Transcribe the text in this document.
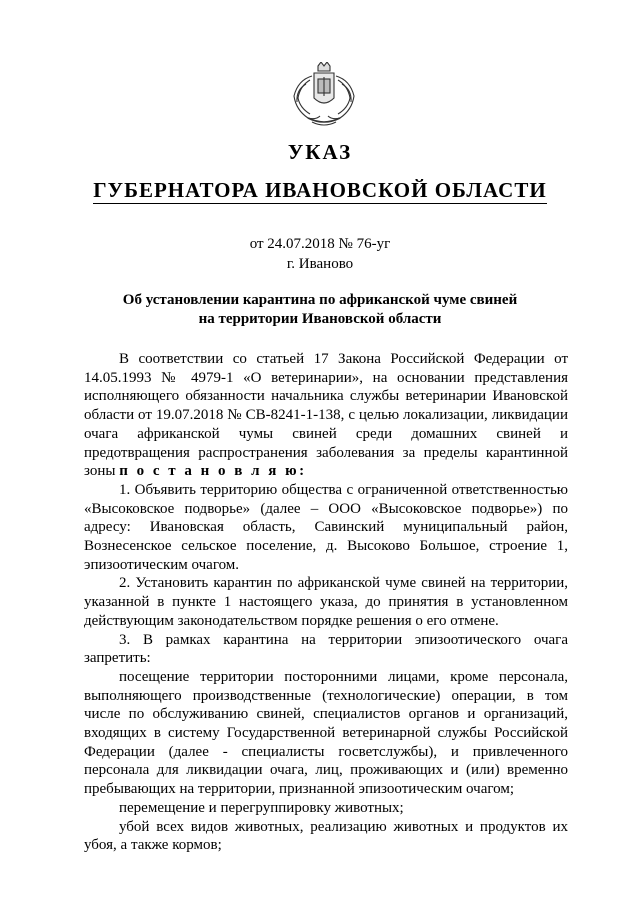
УКАЗ
ГУБЕРНАТОРА ИВАНОВСКОЙ ОБЛАСТИ
от 24.07.2018 № 76-уг
г. Иваново
Об установлении карантина по африканской чуме свиней
на территории Ивановской области

В соответствии со статьей 17 Закона Российской Федерации от 14.05.1993 № 4979-1 «О ветеринарии», на основании представления исполняющего обязанности начальника службы ветеринарии Ивановской области от 19.07.2018 № СВ-8241-1-138, с целью локализации, ликвидации очага африканской чумы свиней среди домашних свиней и предотвращения распространения заболевания за пределы карантинной зоны п о с т а н о в л я ю:

1. Объявить территорию общества с ограниченной ответственностью «Высоковское подворье» (далее – ООО «Высоковское подворье») по адресу: Ивановская область, Савинский муниципальный район, Вознесенское сельское поселение, д. Высоково Большое, строение 1, эпизоотическим очагом.

2. Установить карантин по африканской чуме свиней на территории, указанной в пункте 1 настоящего указа, до принятия в установленном действующим законодательством порядке решения о его отмене.

3. В рамках карантина на территории эпизоотического очага запретить:

посещение территории посторонними лицами, кроме персонала, выполняющего производственные (технологические) операции, в том числе по обслуживанию свиней, специалистов органов и организаций, входящих в систему Государственной ветеринарной службы Российской Федерации (далее - специалисты госветслужбы), и привлеченного персонала для ликвидации очага, лиц, проживающих и (или) временно пребывающих на территории, признанной эпизоотическим очагом;

перемещение и перегруппировку животных;

убой всех видов животных, реализацию животных и продуктов их убоя, а также кормов;
